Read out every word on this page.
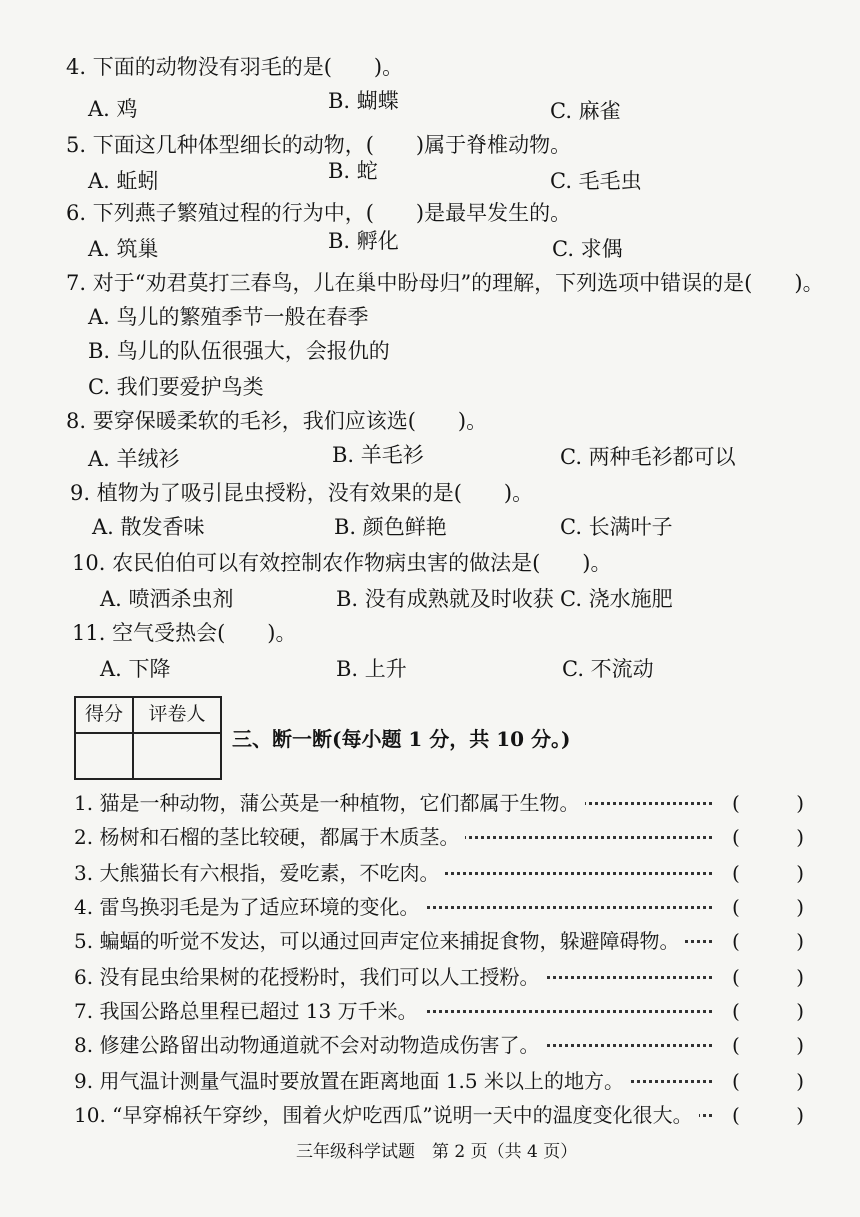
4. 下面的动物没有羽毛的是(　　)。
A. 鸡	B. 蝴蝶	C. 麻雀
5. 下面这几种体型细长的动物，(　　)属于脊椎动物。
A. 蚯蚓	B. 蛇	C. 毛毛虫
6. 下列燕子繁殖过程的行为中，(　　)是最早发生的。
A. 筑巢	B. 孵化	C. 求偶
7. 对于“劝君莫打三春鸟，儿在巢中盼母归”的理解，下列选项中错误的是(　　)。
A. 鸟儿的繁殖季节一般在春季
B. 鸟儿的队伍很强大，会报仇的
C. 我们要爱护鸟类
8. 要穿保暖柔软的毛衫，我们应该选(　　)。
A. 羊绒衫	B. 羊毛衫	C. 两种毛衫都可以
9. 植物为了吸引昆虫授粉，没有效果的是(　　)。
A. 散发香味	B. 颜色鲜艳	C. 长满叶子
10. 农民伯伯可以有效控制农作物病虫害的做法是(　　)。
A. 喷洒杀虫剂	B. 没有成熟就及时收获 C. 浇水施肥
11. 空气受热会(　　)。
A. 下降	B. 上升	C. 不流动
得分	评卷人
三、断一断(每小题 1 分，共 10 分。)
1. 猫是一种动物，蒲公英是一种植物，它们都属于生物。	(	)
2. 杨树和石榴的茎比较硬，都属于木质茎。	(	)
3. 大熊猫长有六根指，爱吃素，不吃肉。	(	)
4. 雷鸟换羽毛是为了适应环境的变化。	(	)
5. 蝙蝠的听觉不发达，可以通过回声定位来捕捉食物，躲避障碍物。	(	)
6. 没有昆虫给果树的花授粉时，我们可以人工授粉。	(	)
7. 我国公路总里程已超过 13 万千米。	(	)
8. 修建公路留出动物通道就不会对动物造成伤害了。	(	)
9. 用气温计测量气温时要放置在距离地面 1.5 米以上的地方。	(	)
10. “早穿棉袄午穿纱，围着火炉吃西瓜”说明一天中的温度变化很大。	(	)
三年级科学试题　第 2 页（共 4 页）
